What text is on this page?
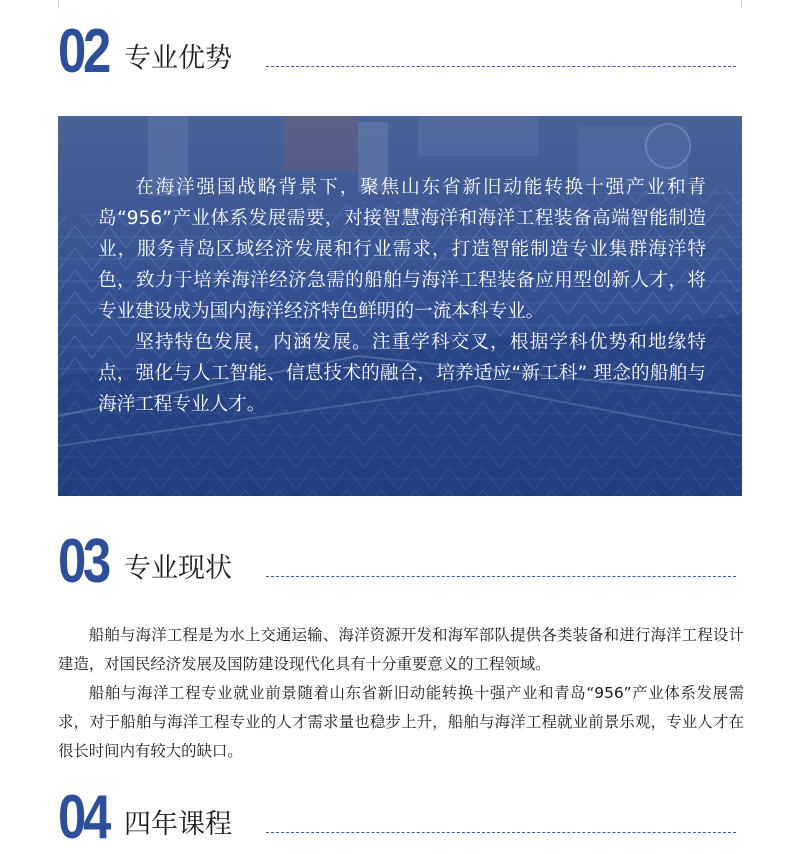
02 专业优势

在海洋强国战略背景下，聚焦山东省新旧动能转换十强产业和青岛“956”产业体系发展需要，对接智慧海洋和海洋工程装备高端智能制造业，服务青岛区域经济发展和行业需求，打造智能制造专业集群海洋特色，致力于培养海洋经济急需的船舶与海洋工程装备应用型创新人才，将专业建设成为国内海洋经济特色鲜明的一流本科专业。

坚持特色发展，内涵发展。注重学科交叉，根据学科优势和地缘特点，强化与人工智能、信息技术的融合，培养适应“新工科” 理念的船舶与海洋工程专业人才。

03 专业现状

船舶与海洋工程是为水上交通运输、海洋资源开发和海军部队提供各类装备和进行海洋工程设计建造，对国民经济发展及国防建设现代化具有十分重要意义的工程领域。

船舶与海洋工程专业就业前景随着山东省新旧动能转换十强产业和青岛“956”产业体系发展需求，对于船舶与海洋工程专业的人才需求量也稳步上升，船舶与海洋工程就业前景乐观，专业人才在很长时间内有较大的缺口。

04 四年课程
